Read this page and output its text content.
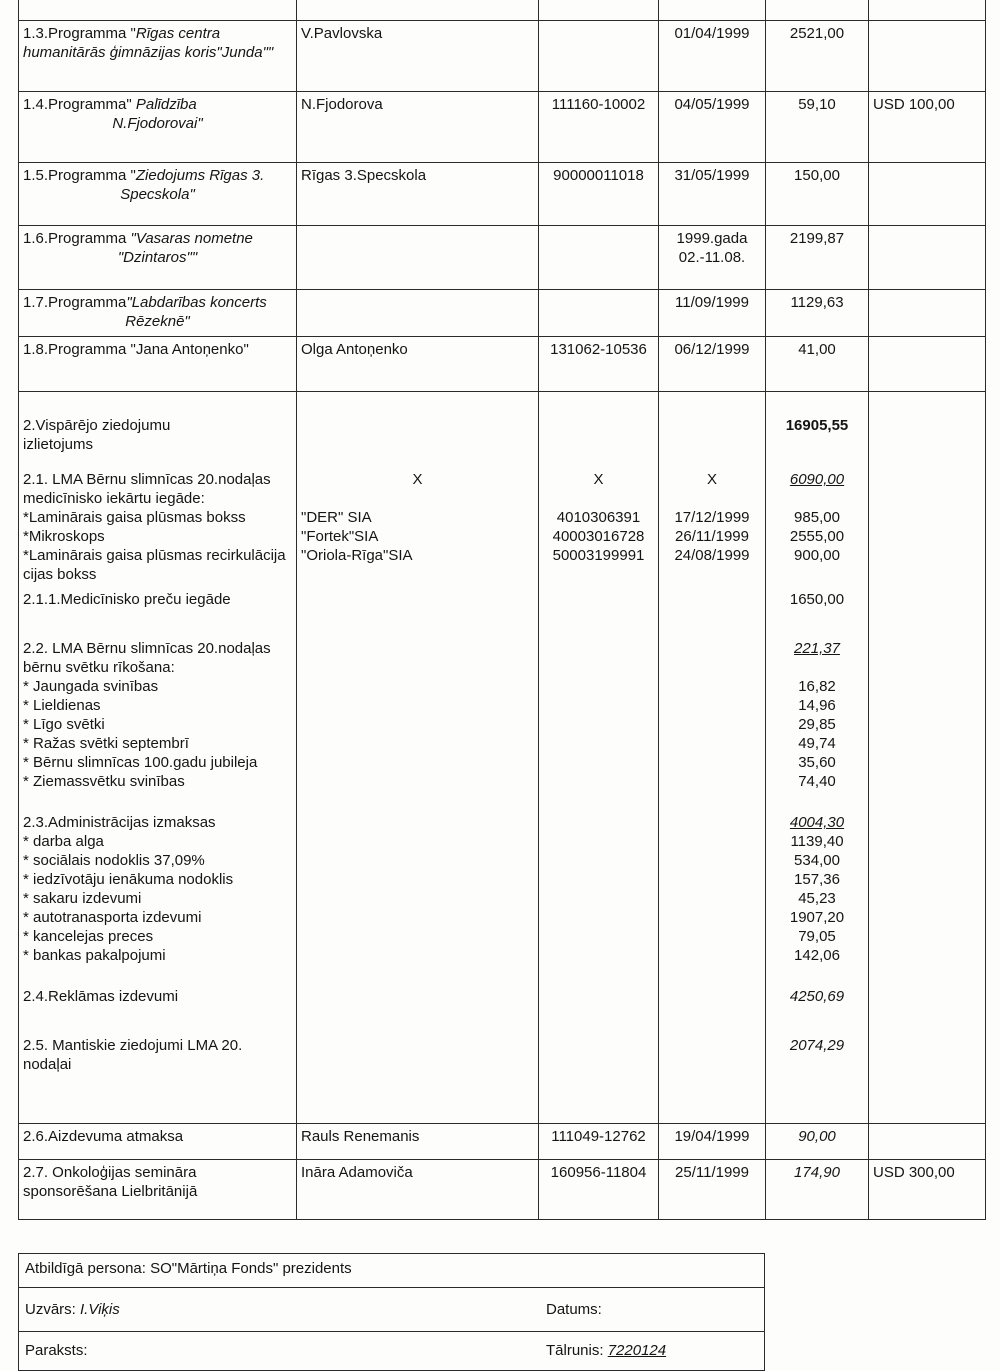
1.3.Programma "Rīgas centra	V.Pavlovska		01/04/1999	2521,00	
humanitārās ģimnāzijas koris"Junda""					

1.4.Programma" Palīdzība	N.Fjodorova	111160-10002	04/05/1999	59,10	USD 100,00
N.Fjodorovai"					

1.5.Programma "Ziedojums Rīgas 3.	Rīgas 3.Specskola	90000011018	31/05/1999	150,00	
Specskola"					

1.6.Programma "Vasaras nometne			1999.gada	2199,87	
"Dzintaros""			02.-11.08.		

1.7.Programma"Labdarības koncerts			11/09/1999	1129,63	
Rēzeknē"					

1.8.Programma "Jana Antoņenko"	Olga Antoņenko	131062-10536	06/12/1999	41,00	

2.Vispārējo ziedojumu				16905,55	
izlietojums					

2.1. LMA Bērnu slimnīcas 20.nodaļas	X	X	X	6090,00	
medicīnisko iekārtu iegāde:					
*Laminārais gaisa plūsmas bokss	"DER" SIA	4010306391	17/12/1999	985,00	
*Mikroskops	"Fortek"SIA	40003016728	26/11/1999	2555,00	
*Laminārais gaisa plūsmas recirkulācija	"Oriola-Rīga"SIA	50003199991	24/08/1999	900,00	
cijas bokss					

2.1.1.Medicīnisko preču iegāde				1650,00	

2.2. LMA Bērnu slimnīcas 20.nodaļas				221,37	
bērnu svētku rīkošana:					
* Jaungada svinības				16,82	
* Lieldienas				14,96	
* Līgo svētki				29,85	
* Ražas svētki septembrī				49,74	
* Bērnu slimnīcas 100.gadu jubileja				35,60	
* Ziemassvētku svinības				74,40	

2.3.Administrācijas izmaksas				4004,30	
* darba alga				1139,40	
* sociālais nodoklis 37,09%				534,00	
* iedzīvotāju ienākuma nodoklis				157,36	
* sakaru izdevumi				45,23	
* autotranasporta izdevumi				1907,20	
* kancelejas preces				79,05	
* bankas pakalpojumi				142,06	

2.4.Reklāmas izdevumi				4250,69	

2.5. Mantiskie ziedojumi LMA 20.				2074,29	
nodaļai					

2.6.Aizdevuma atmaksa	Rauls Renemanis	111049-12762	19/04/1999	90,00	

2.7. Onkoloģijas semināra	Ināra Adamoviča	160956-11804	25/11/1999	174,90	USD 300,00
sponsorēšana Lielbritānijā					

Atbildīgā persona: SO"Mārtiņa Fonds" prezidents
Uzvārs: I.Viķis	Datums:
Paraksts:	Tālrunis: 7220124
